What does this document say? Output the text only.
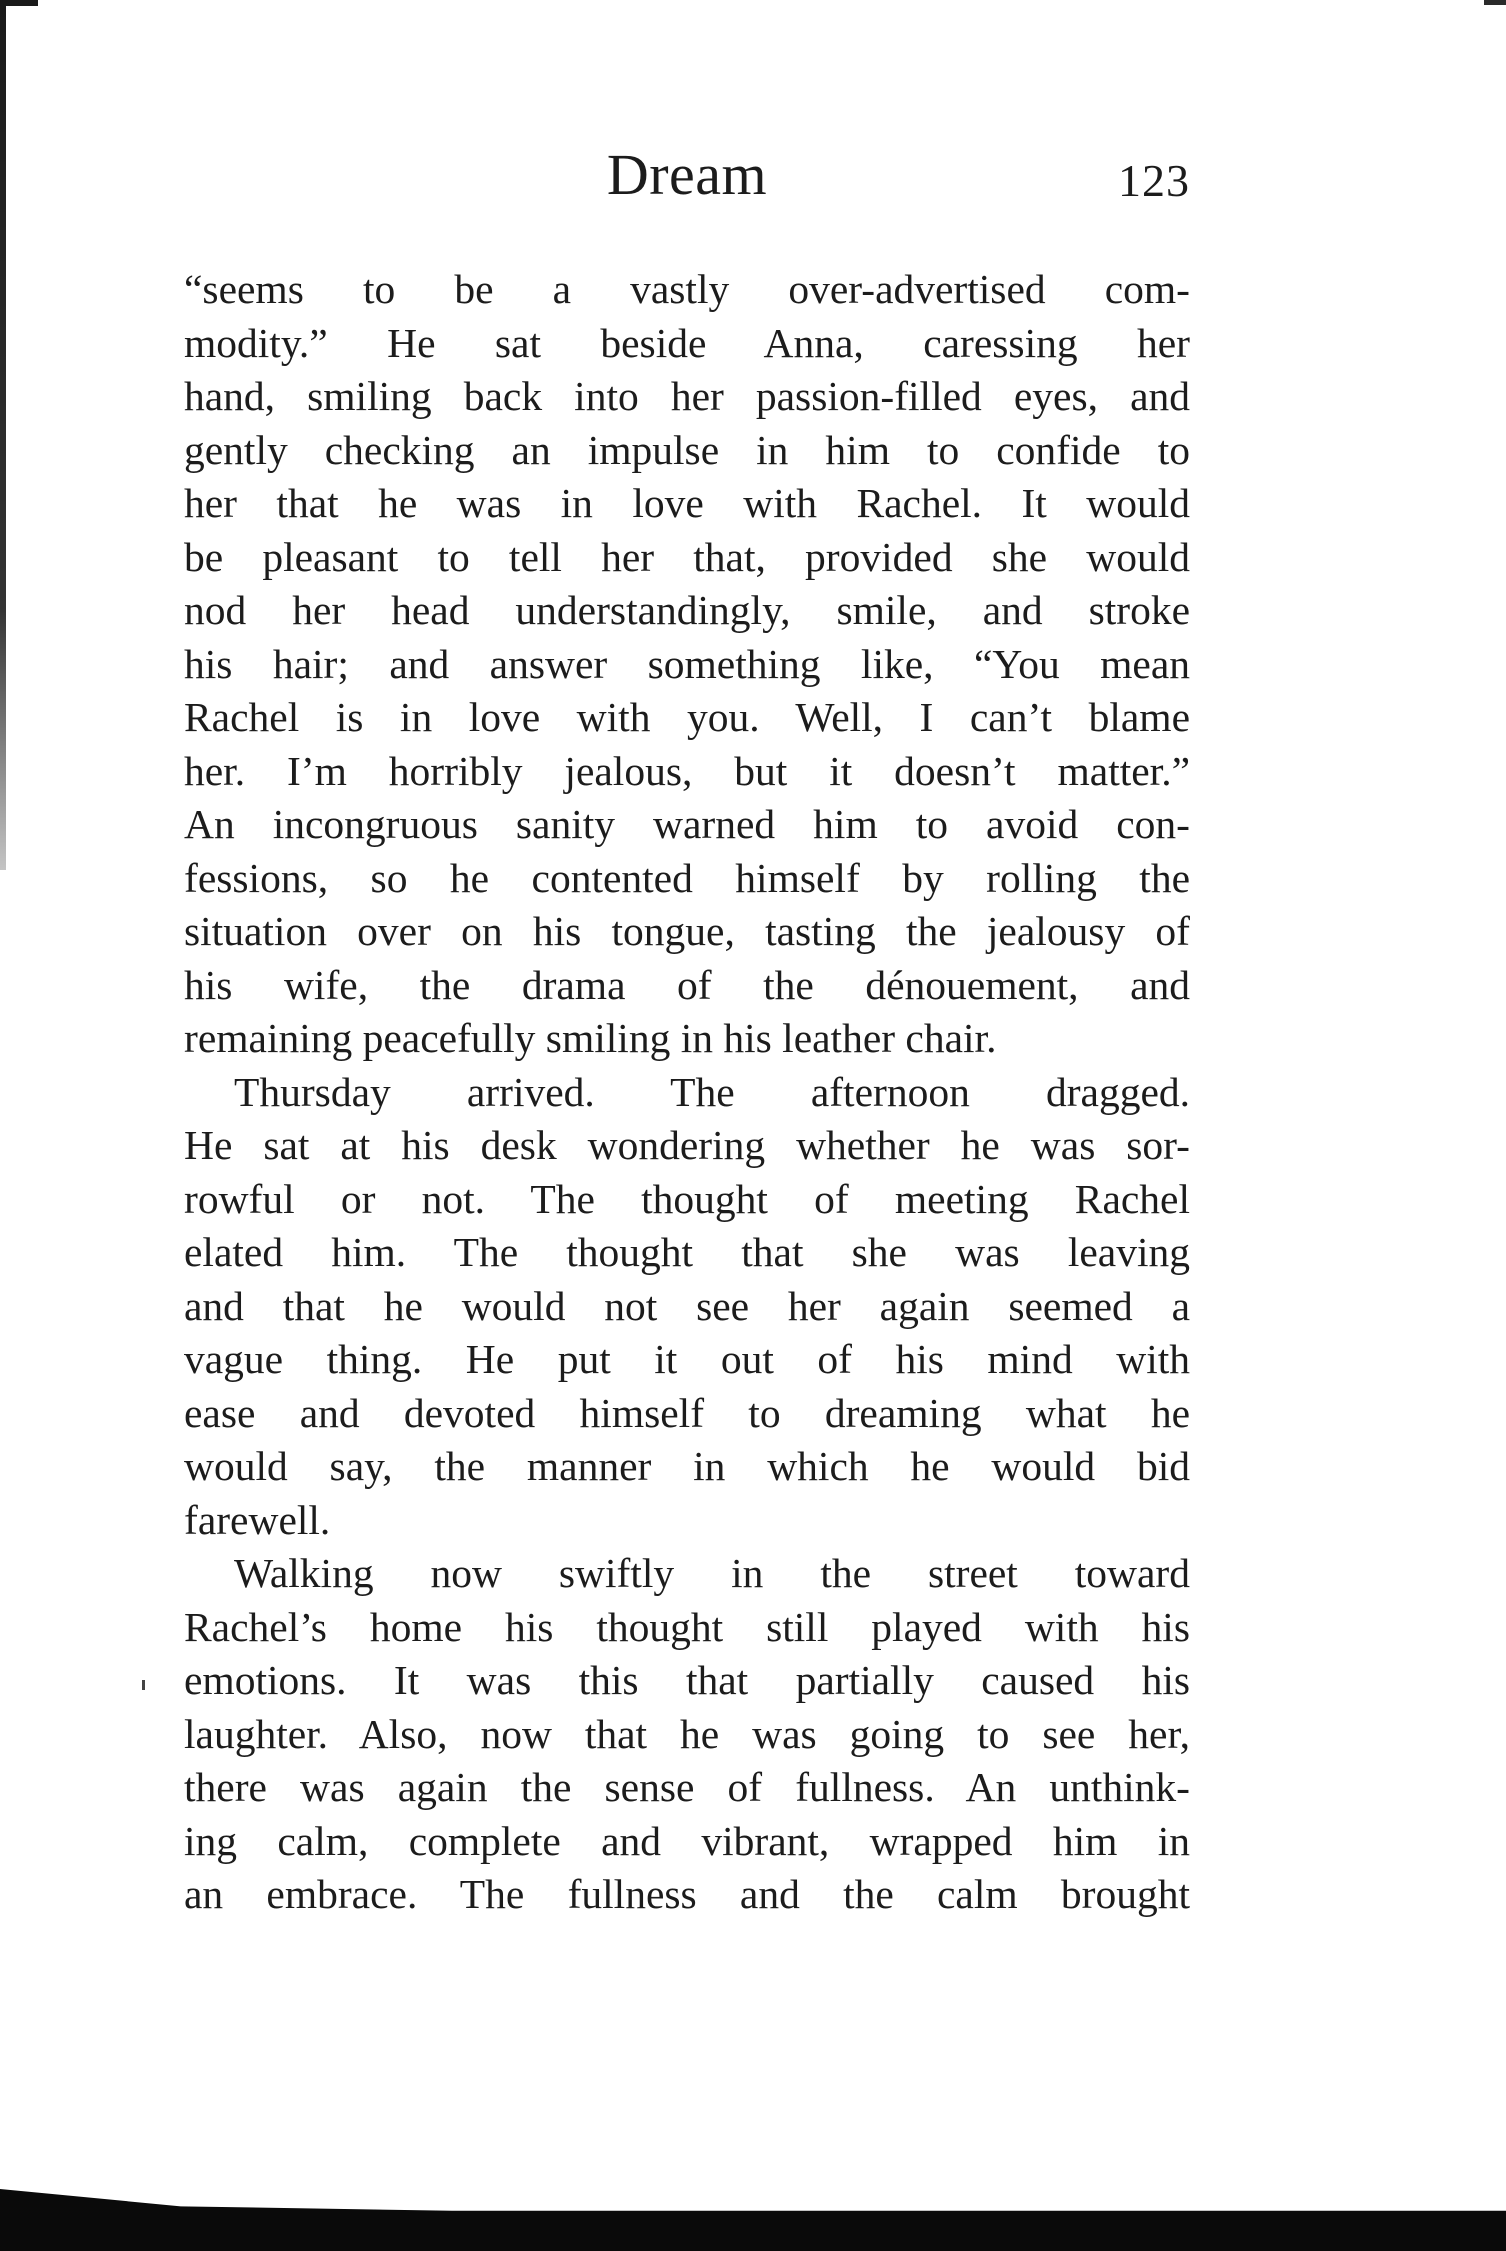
Dream	123
“seems to be a vastly over-advertised com-
modity.” He sat beside Anna, caressing her
hand, smiling back into her passion-filled eyes, and
gently checking an impulse in him to confide to
her that he was in love with Rachel. It would
be pleasant to tell her that, provided she would
nod her head understandingly, smile, and stroke
his hair; and answer something like, “You mean
Rachel is in love with you. Well, I can’t blame
her. I’m horribly jealous, but it doesn’t matter.”
An incongruous sanity warned him to avoid con-
fessions, so he contented himself by rolling the
situation over on his tongue, tasting the jealousy of
his wife, the drama of the dénouement, and
remaining peacefully smiling in his leather chair.
Thursday arrived. The afternoon dragged.
He sat at his desk wondering whether he was sor-
rowful or not. The thought of meeting Rachel
elated him. The thought that she was leaving
and that he would not see her again seemed a
vague thing. He put it out of his mind with
ease and devoted himself to dreaming what he
would say, the manner in which he would bid
farewell.
Walking now swiftly in the street toward
Rachel’s home his thought still played with his
emotions. It was this that partially caused his
laughter. Also, now that he was going to see her,
there was again the sense of fullness. An unthink-
ing calm, complete and vibrant, wrapped him in
an embrace. The fullness and the calm brought
